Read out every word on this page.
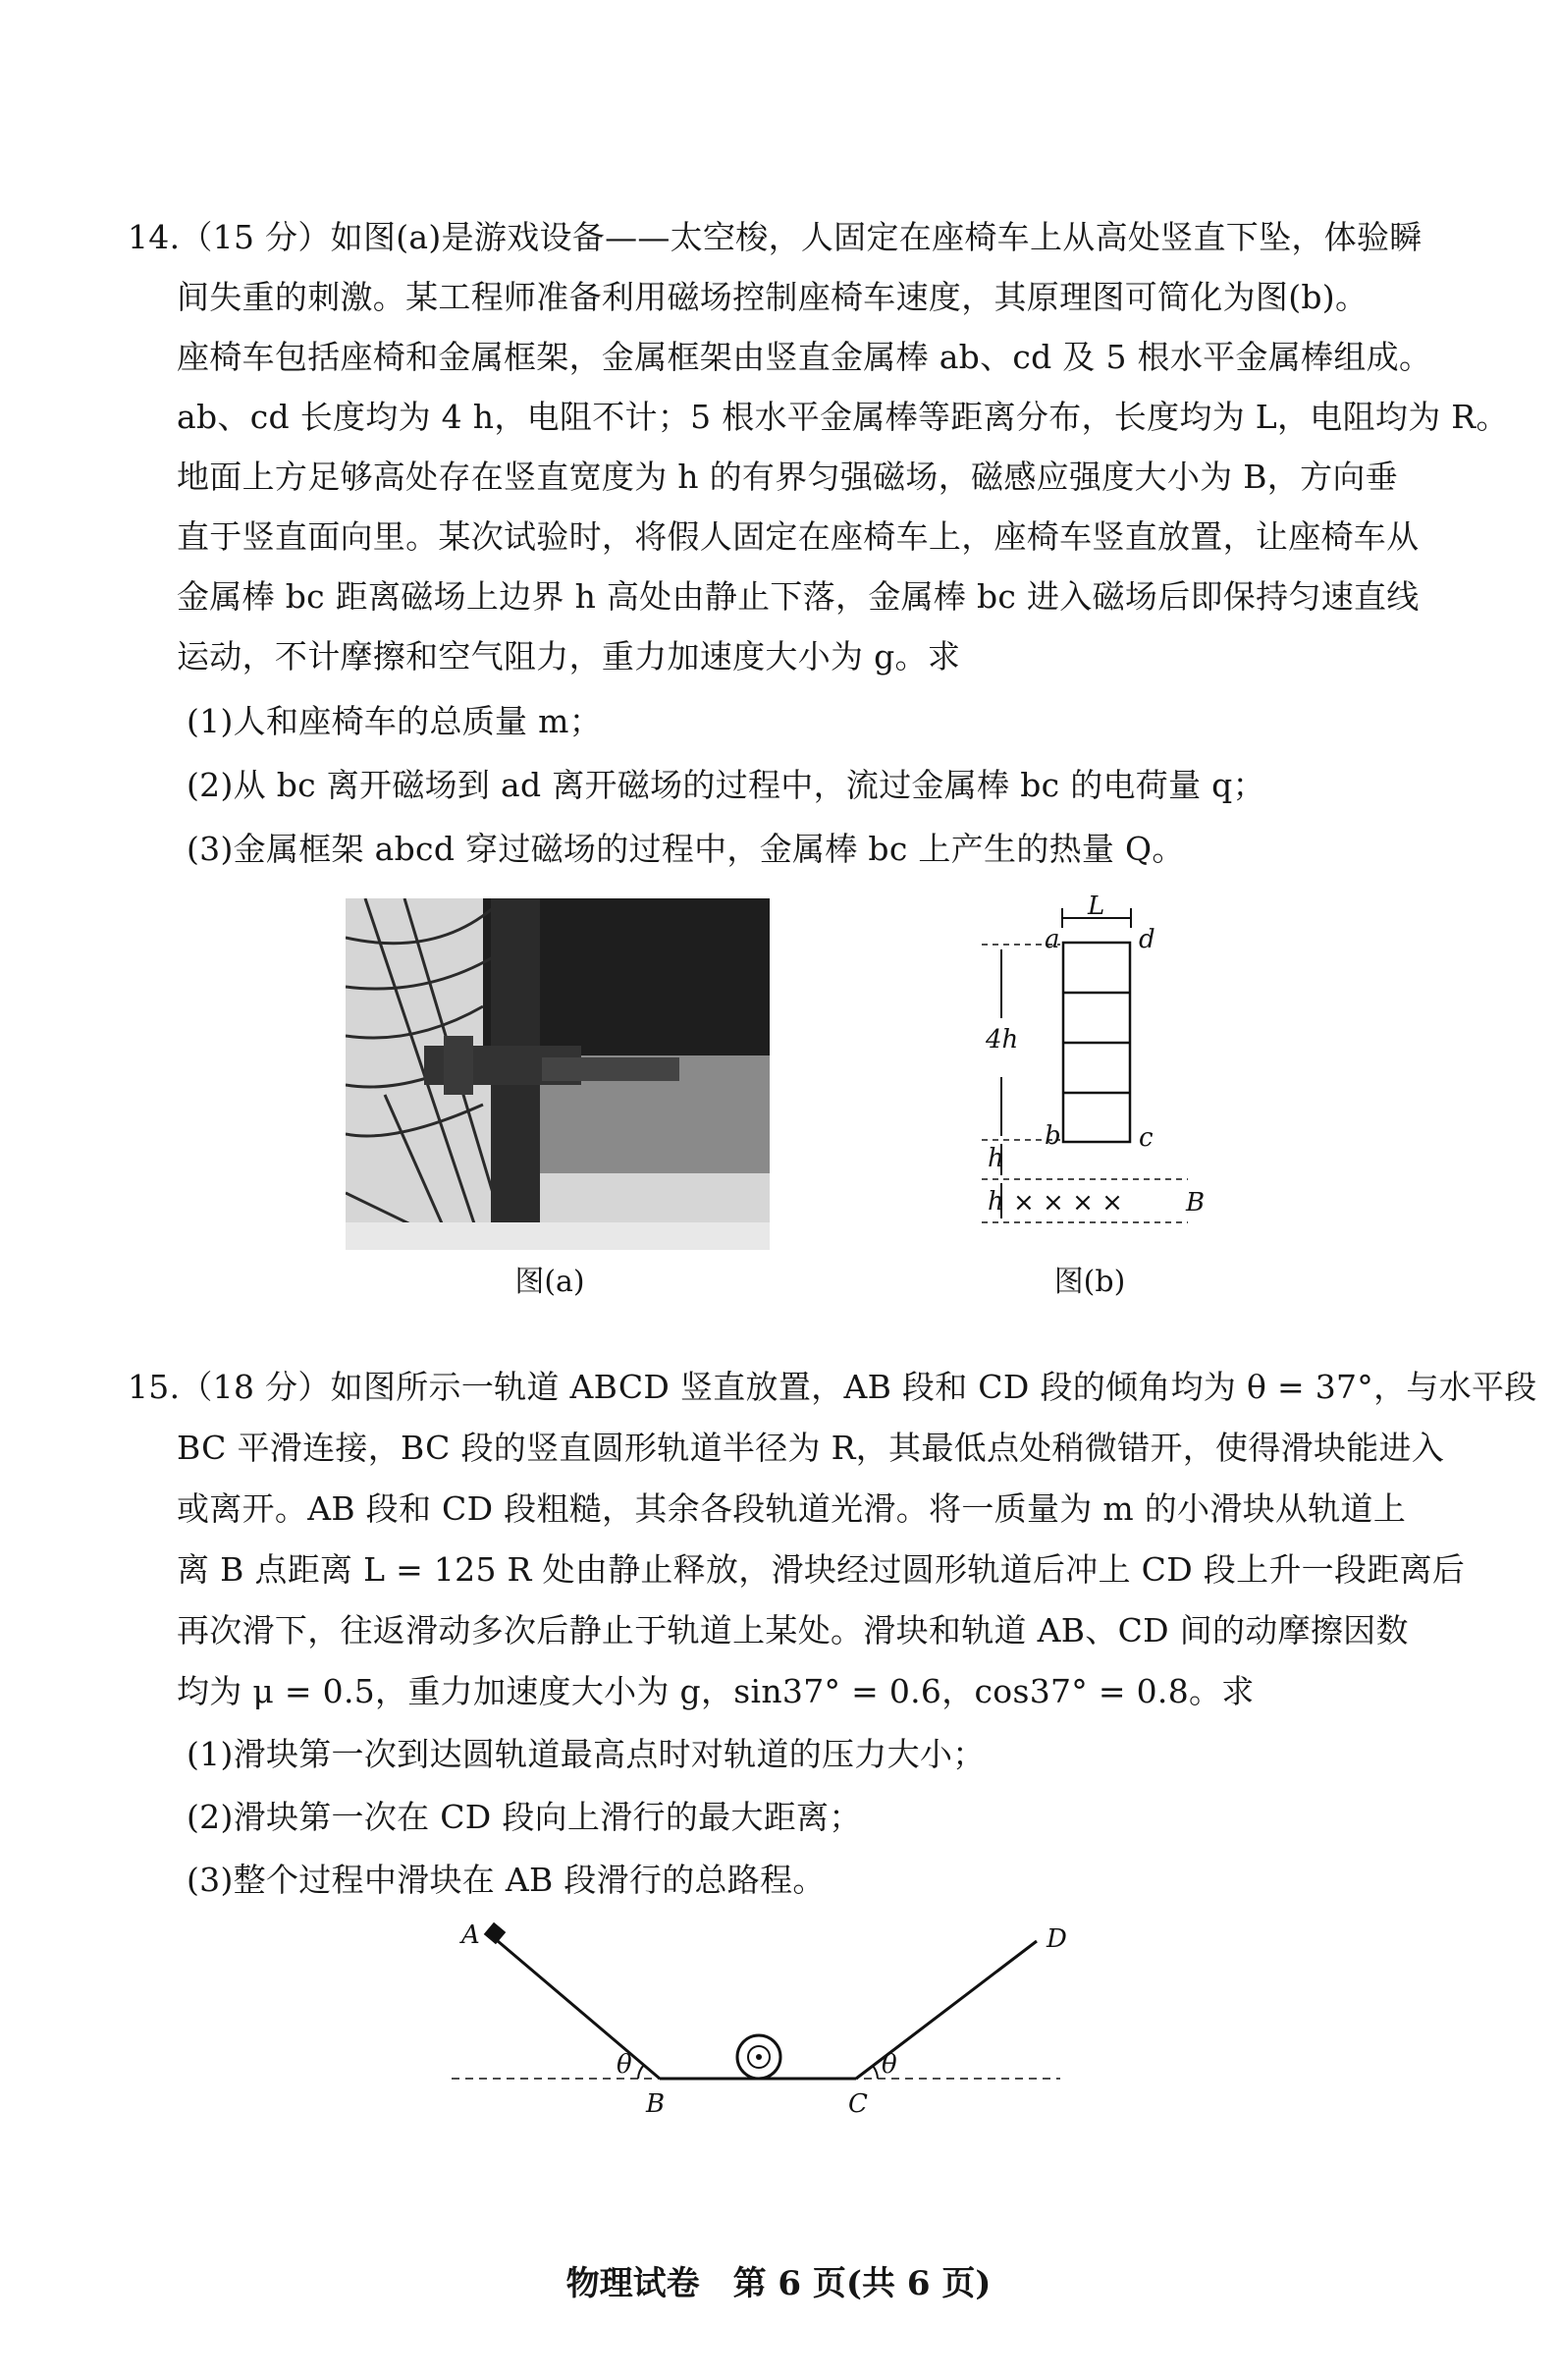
14.（15 分）如图(a)是游戏设备——太空梭，人固定在座椅车上从高处竖直下坠，体验瞬
间失重的刺激。某工程师准备利用磁场控制座椅车速度，其原理图可简化为图(b)。
座椅车包括座椅和金属框架，金属框架由竖直金属棒 ab、cd 及 5 根水平金属棒组成。
ab、cd 长度均为 4 h，电阻不计；5 根水平金属棒等距离分布，长度均为 L，电阻均为 R。
地面上方足够高处存在竖直宽度为 h 的有界匀强磁场，磁感应强度大小为 B，方向垂
直于竖直面向里。某次试验时，将假人固定在座椅车上，座椅车竖直放置，让座椅车从
金属棒 bc 距离磁场上边界 h 高处由静止下落，金属棒 bc 进入磁场后即保持匀速直线
运动，不计摩擦和空气阻力，重力加速度大小为 g。求
(1)人和座椅车的总质量 m；
(2)从 bc 离开磁场到 ad 离开磁场的过程中，流过金属棒 bc 的电荷量 q；
(3)金属框架 abcd 穿过磁场的过程中，金属棒 bc 上产生的热量 Q。
图(a)
L
a	d
b	c
4h
h
h × × × × B
图(b)
15.（18 分）如图所示一轨道 ABCD 竖直放置，AB 段和 CD 段的倾角均为 θ = 37°，与水平段
BC 平滑连接，BC 段的竖直圆形轨道半径为 R，其最低点处稍微错开，使得滑块能进入
或离开。AB 段和 CD 段粗糙，其余各段轨道光滑。将一质量为 m 的小滑块从轨道上
离 B 点距离 L = 125 R 处由静止释放，滑块经过圆形轨道后冲上 CD 段上升一段距离后
再次滑下，往返滑动多次后静止于轨道上某处。滑块和轨道 AB、CD 间的动摩擦因数
均为 μ = 0.5，重力加速度大小为 g，sin37° = 0.6，cos37° = 0.8。求
(1)滑块第一次到达圆轨道最高点时对轨道的压力大小；
(2)滑块第一次在 CD 段向上滑行的最大距离；
(3)整个过程中滑块在 AB 段滑行的总路程。
A
B	C
D
θ	θ
物理试卷　第 6 页(共 6 页)
